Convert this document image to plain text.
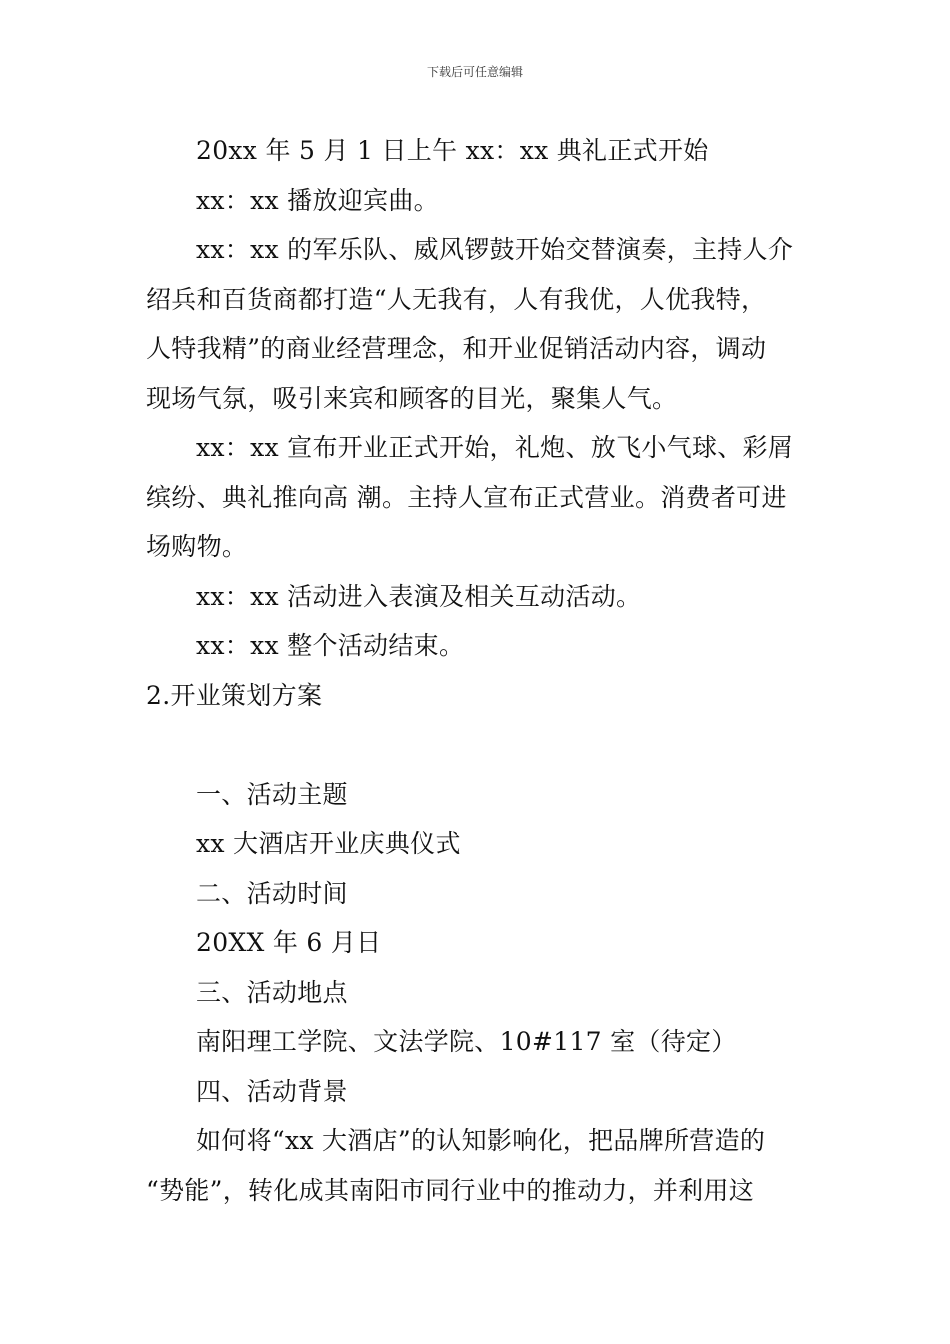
下载后可任意编辑
20xx 年 5 月 1 日上午 xx：xx 典礼正式开始
xx：xx 播放迎宾曲。
xx：xx 的军乐队、威风锣鼓开始交替演奏，主持人介
绍兵和百货商都打造“人无我有，人有我优，人优我特，
人特我精”的商业经营理念，和开业促销活动内容，调动
现场气氛，吸引来宾和顾客的目光，聚集人气。
xx：xx 宣布开业正式开始，礼炮、放飞小气球、彩屑
缤纷、典礼推向高 潮。主持人宣布正式营业。消费者可进
场购物。
xx：xx 活动进入表演及相关互动活动。
xx：xx 整个活动结束。
2.开业策划方案
一、活动主题
xx 大酒店开业庆典仪式
二、活动时间
20XX 年 6 月日
三、活动地点
南阳理工学院、文法学院、10#117 室（待定）
四、活动背景
如何将“xx 大酒店”的认知影响化，把品牌所营造的
“势能”，转化成其南阳市同行业中的推动力，并利用这
